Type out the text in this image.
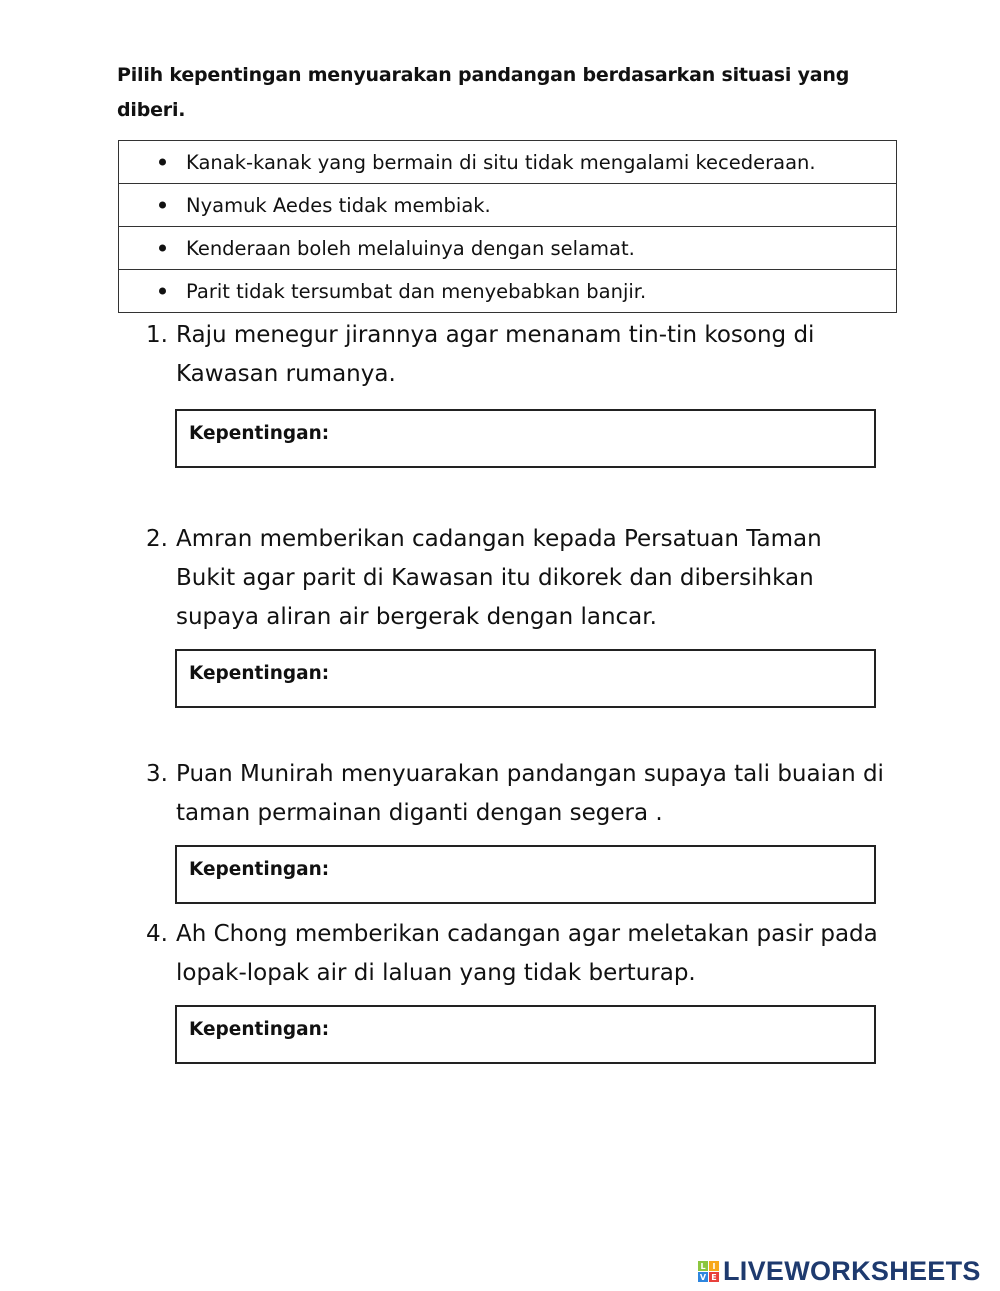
Pilih kepentingan menyuarakan pandangan berdasarkan situasi yang diberi.
Kanak-kanak yang bermain di situ tidak mengalami kecederaan.

Nyamuk Aedes tidak membiak.

Kenderaan boleh melaluinya dengan selamat.

Parit tidak tersumbat dan menyebabkan banjir.
1. Raju menegur jirannya agar menanam tin-tin kosong di Kawasan rumanya.
Kepentingan:
2. Amran memberikan cadangan kepada Persatuan Taman Bukit agar parit di Kawasan itu dikorek dan dibersihkan supaya aliran air bergerak dengan lancar.
Kepentingan:
3. Puan Munirah menyuarakan pandangan supaya tali buaian di taman permainan diganti dengan segera .
Kepentingan:
4. Ah Chong memberikan cadangan agar meletakan pasir pada lopak-lopak air di laluan yang tidak berturap.
Kepentingan:
L I
V E LIVEWORKSHEETS
